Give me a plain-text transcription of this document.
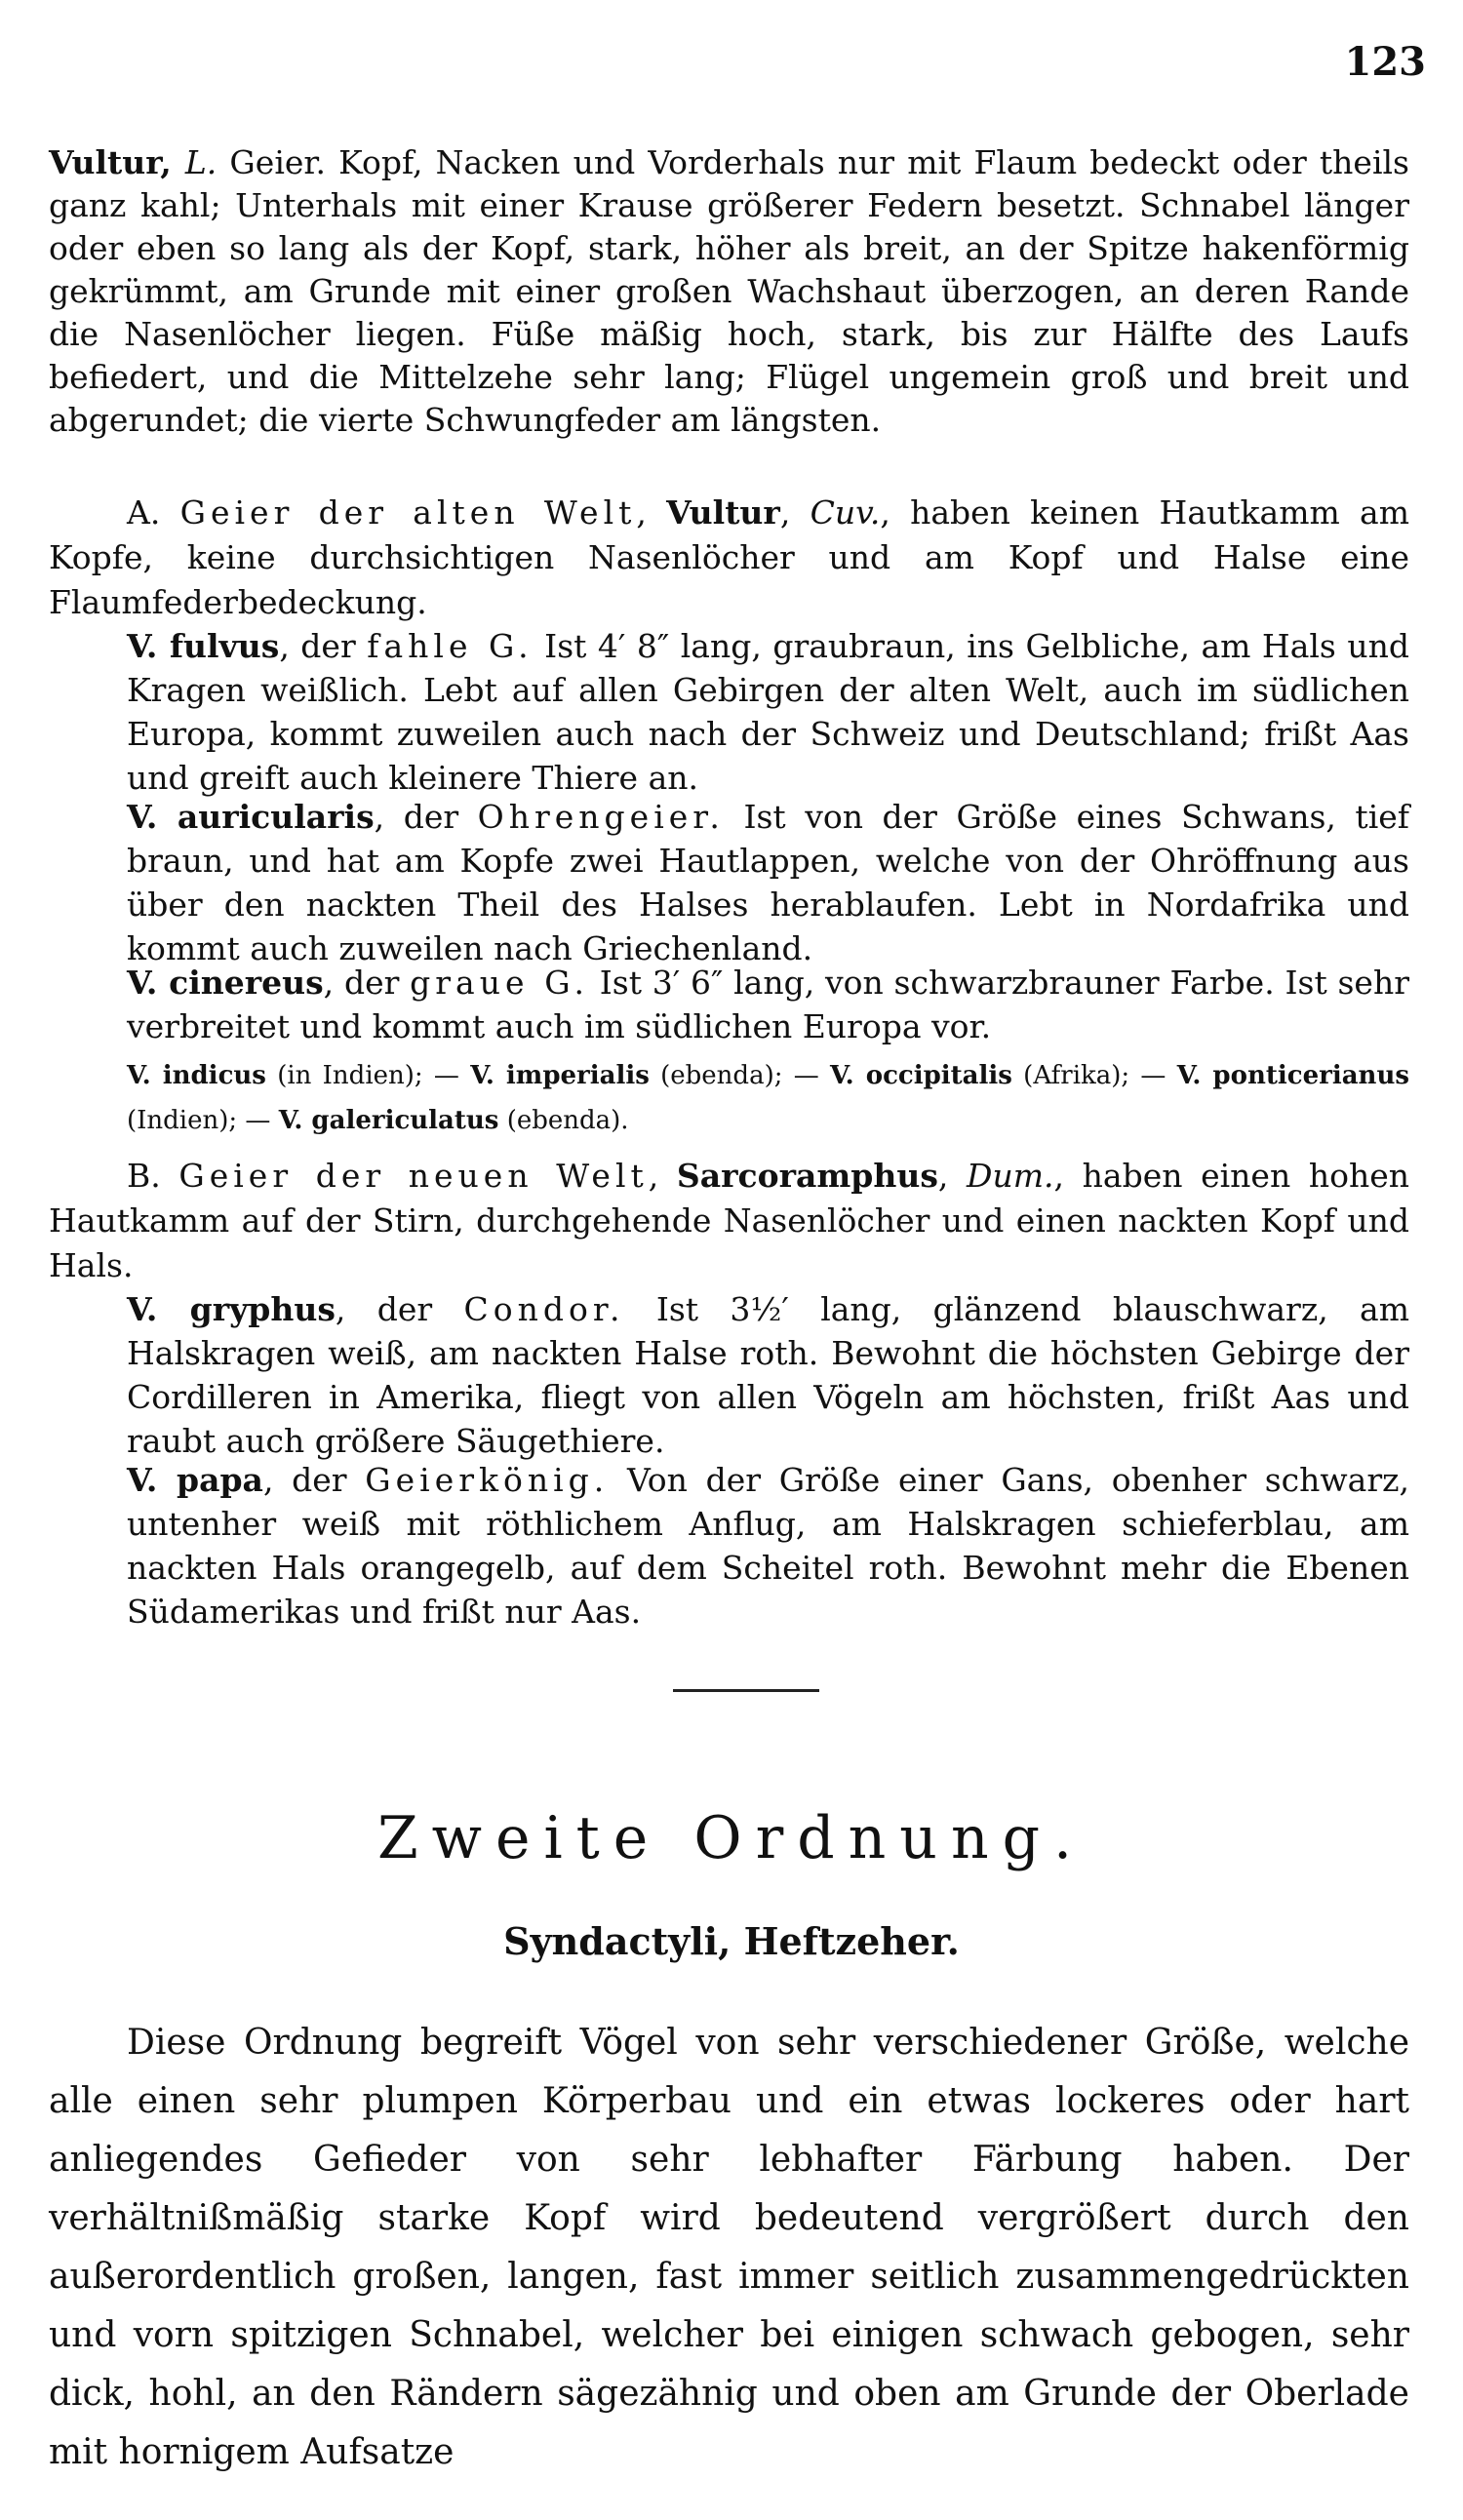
123

Vultur, L. Geier. Kopf, Nacken und Vorderhals nur mit Flaum bedeckt oder theils ganz kahl; Unterhals mit einer Krause größerer Federn besetzt. Schnabel länger oder eben so lang als der Kopf, stark, höher als breit, an der Spitze hakenförmig gekrümmt, am Grunde mit einer großen Wachshaut überzogen, an deren Rande die Nasenlöcher liegen. Füße mäßig hoch, stark, bis zur Hälfte des Laufs befiedert, und die Mittelzehe sehr lang; Flügel ungemein groß und breit und abgerundet; die vierte Schwungfeder am längsten.

A. Geier der alten Welt, Vultur, Cuv., haben keinen Hautkamm am Kopfe, keine durchsichtigen Nasenlöcher und am Kopf und Halse eine Flaumfederbedeckung.

V. fulvus, der fahle G. Ist 4′ 8″ lang, graubraun, ins Gelbliche, am Hals und Kragen weißlich. Lebt auf allen Gebirgen der alten Welt, auch im südlichen Europa, kommt zuweilen auch nach der Schweiz und Deutschland; frißt Aas und greift auch kleinere Thiere an.

V. auricularis, der Ohrengeier. Ist von der Größe eines Schwans, tief braun, und hat am Kopfe zwei Hautlappen, welche von der Ohröffnung aus über den nackten Theil des Halses herablaufen. Lebt in Nordafrika und kommt auch zuweilen nach Griechenland.

V. cinereus, der graue G. Ist 3′ 6″ lang, von schwarzbrauner Farbe. Ist sehr verbreitet und kommt auch im südlichen Europa vor.

V. indicus (in Indien); — V. imperialis (ebenda); — V. occipitalis (Afrika); — V. ponticerianus (Indien); — V. galericulatus (ebenda).

B. Geier der neuen Welt, Sarcoramphus, Dum., haben einen hohen Hautkamm auf der Stirn, durchgehende Nasenlöcher und einen nackten Kopf und Hals.

V. gryphus, der Condor. Ist 3½′ lang, glänzend blauschwarz, am Halskragen weiß, am nackten Halse roth. Bewohnt die höchsten Gebirge der Cordilleren in Amerika, fliegt von allen Vögeln am höchsten, frißt Aas und raubt auch größere Säugethiere.

V. papa, der Geierkönig. Von der Größe einer Gans, obenher schwarz, untenher weiß mit röthlichem Anflug, am Halskragen schieferblau, am nackten Hals orangegelb, auf dem Scheitel roth. Bewohnt mehr die Ebenen Südamerikas und frißt nur Aas.

Zweite Ordnung.
Syndactyli, Heftzeher.

Diese Ordnung begreift Vögel von sehr verschiedener Größe, welche alle einen sehr plumpen Körperbau und ein etwas lockeres oder hart anliegendes Gefieder von sehr lebhafter Färbung haben. Der verhältnißmäßig starke Kopf wird bedeutend vergrößert durch den außerordentlich großen, langen, fast immer seitlich zusammengedrückten und vorn spitzigen Schnabel, welcher bei einigen schwach gebogen, sehr dick, hohl, an den Rändern sägezähnig und oben am Grunde der Oberlade mit hornigem Aufsatze
